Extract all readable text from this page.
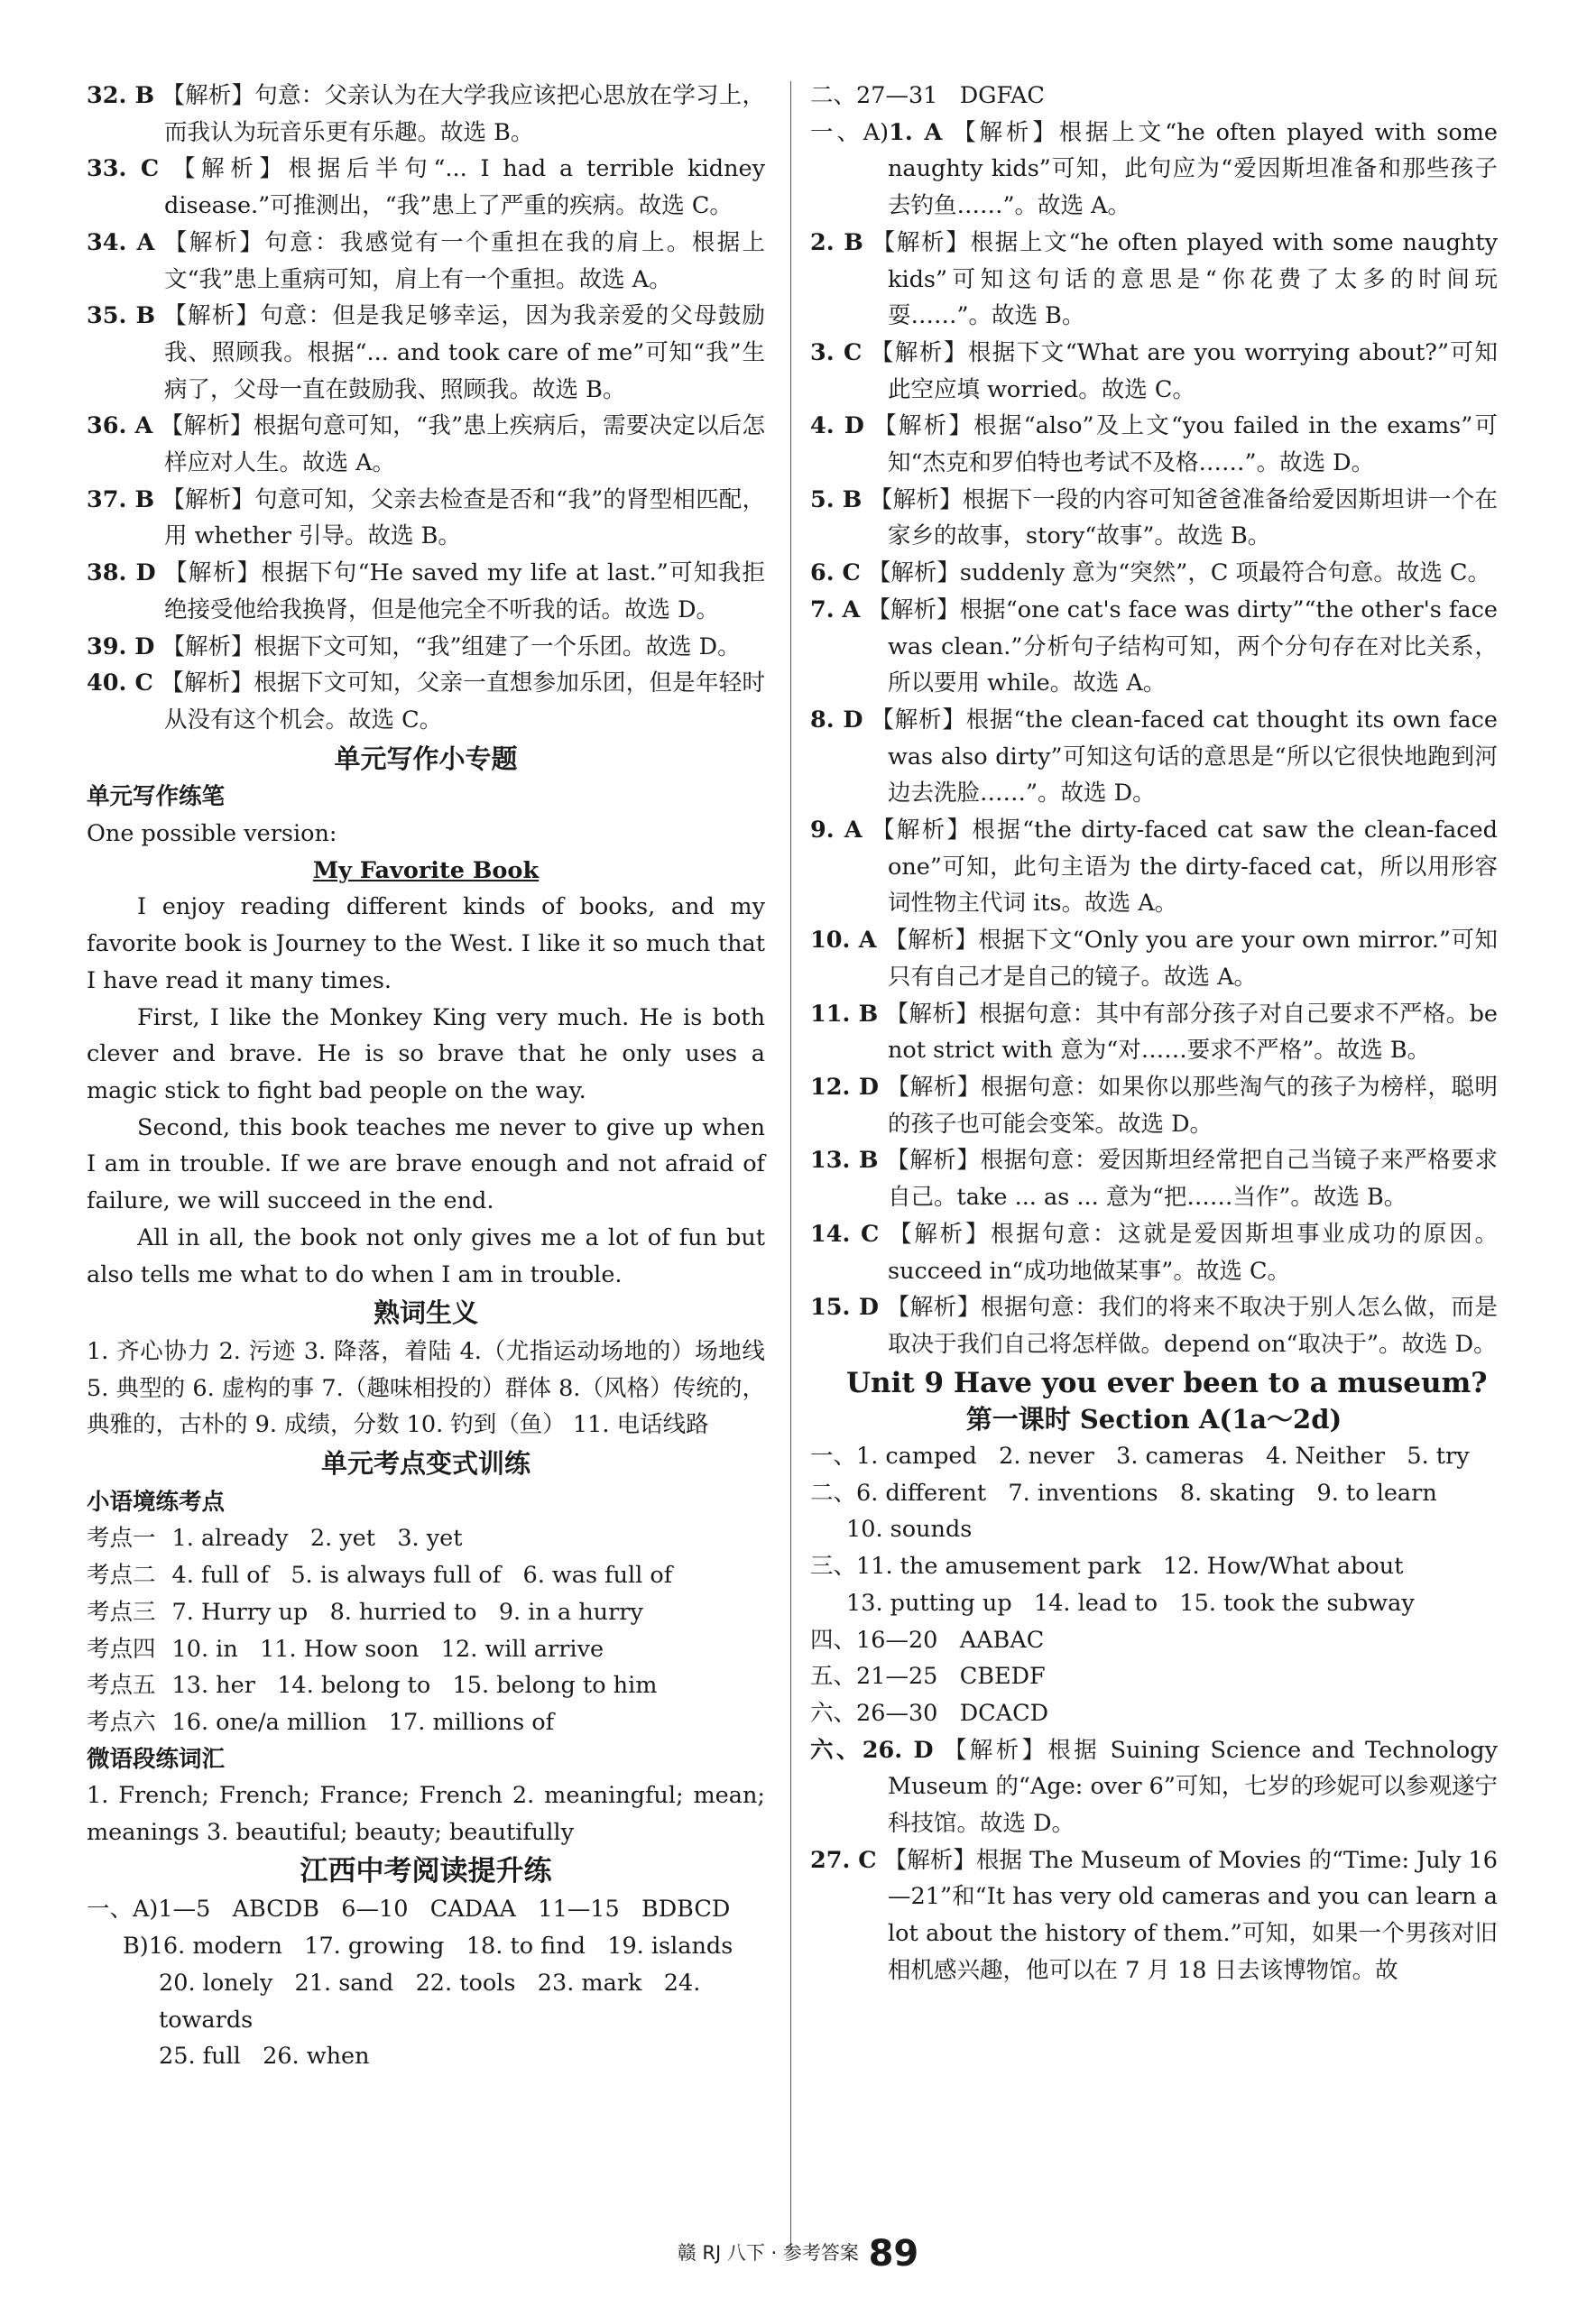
32. B 【解析】句意：父亲认为在大学我应该把心思放在学习上，而我认为玩音乐更有乐趣。故选 B。
33. C 【解析】根据后半句“... I had a terrible kidney disease.”可推测出，“我”患上了严重的疾病。故选 C。
34. A 【解析】句意：我感觉有一个重担在我的肩上。根据上文“我”患上重病可知，肩上有一个重担。故选 A。
35. B 【解析】句意：但是我足够幸运，因为我亲爱的父母鼓励我、照顾我。根据“... and took care of me”可知“我”生病了，父母一直在鼓励我、照顾我。故选 B。
36. A 【解析】根据句意可知，“我”患上疾病后，需要决定以后怎样应对人生。故选 A。
37. B 【解析】句意可知，父亲去检查是否和“我”的肾型相匹配，用 whether 引导。故选 B。
38. D 【解析】根据下句“He saved my life at last.”可知我拒绝接受他给我换肾，但是他完全不听我的话。故选 D。
39. D 【解析】根据下文可知，“我”组建了一个乐团。故选 D。
40. C 【解析】根据下文可知，父亲一直想参加乐团，但是年轻时从没有这个机会。故选 C。
单元写作小专题
单元写作练笔
One possible version:
My Favorite Book
I enjoy reading different kinds of books, and my favorite book is Journey to the West. I like it so much that I have read it many times.
First, I like the Monkey King very much. He is both clever and brave. He is so brave that he only uses a magic stick to fight bad people on the way.
Second, this book teaches me never to give up when I am in trouble. If we are brave enough and not afraid of failure, we will succeed in the end.
All in all, the book not only gives me a lot of fun but also tells me what to do when I am in trouble.
熟词生义
1. 齐心协力 2. 污迹 3. 降落，着陆 4.（尤指运动场地的）场地线 5. 典型的 6. 虚构的事 7.（趣味相投的）群体 8.（风格）传统的，典雅的，古朴的 9. 成绩，分数 10. 钓到（鱼） 11. 电话线路
单元考点变式训练
小语境练考点
考点一 1. already   2. yet   3. yet
考点二 4. full of   5. is always full of   6. was full of
考点三 7. Hurry up   8. hurried to   9. in a hurry
考点四 10. in   11. How soon   12. will arrive
考点五 13. her   14. belong to   15. belong to him
考点六 16. one/a million   17. millions of
微语段练词汇
1. French; French; France; French 2. meaningful; mean; meanings 3. beautiful; beauty; beautifully
江西中考阅读提升练
一、A)1—5   ABCDB   6—10   CADAA   11—15   BDBCD
B)16. modern   17. growing   18. to find   19. islands
20. lonely   21. sand   22. tools   23. mark   24. towards
25. full   26. when
二、27—31   DGFAC
一、A)1. A 【解析】根据上文“he often played with some naughty kids”可知，此句应为“爱因斯坦准备和那些孩子去钓鱼……”。故选 A。
2. B 【解析】根据上文“he often played with some naughty kids”可知这句话的意思是“你花费了太多的时间玩耍……”。故选 B。
3. C 【解析】根据下文“What are you worrying about?”可知此空应填 worried。故选 C。
4. D 【解析】根据“also”及上文“you failed in the exams”可知“杰克和罗伯特也考试不及格……”。故选 D。
5. B 【解析】根据下一段的内容可知爸爸准备给爱因斯坦讲一个在家乡的故事，story“故事”。故选 B。
6. C 【解析】suddenly 意为“突然”，C 项最符合句意。故选 C。
7. A 【解析】根据“one cat's face was dirty”“the other's face was clean.”分析句子结构可知，两个分句存在对比关系，所以要用 while。故选 A。
8. D 【解析】根据“the clean-faced cat thought its own face was also dirty”可知这句话的意思是“所以它很快地跑到河边去洗脸……”。故选 D。
9. A 【解析】根据“the dirty-faced cat saw the clean-faced one”可知，此句主语为 the dirty-faced cat，所以用形容词性物主代词 its。故选 A。
10. A 【解析】根据下文“Only you are your own mirror.”可知只有自己才是自己的镜子。故选 A。
11. B 【解析】根据句意：其中有部分孩子对自己要求不严格。be not strict with 意为“对……要求不严格”。故选 B。
12. D 【解析】根据句意：如果你以那些淘气的孩子为榜样，聪明的孩子也可能会变笨。故选 D。
13. B 【解析】根据句意：爱因斯坦经常把自己当镜子来严格要求自己。take ... as ... 意为“把……当作”。故选 B。
14. C 【解析】根据句意：这就是爱因斯坦事业成功的原因。succeed in“成功地做某事”。故选 C。
15. D 【解析】根据句意：我们的将来不取决于别人怎么做，而是取决于我们自己将怎样做。depend on“取决于”。故选 D。
Unit 9 Have you ever been to a museum?
第一课时 Section A(1a～2d)
一、1. camped   2. never   3. cameras   4. Neither   5. try
二、6. different   7. inventions   8. skating   9. to learn
10. sounds
三、11. the amusement park   12. How/What about
13. putting up   14. lead to   15. took the subway
四、16—20   AABAC
五、21—25   CBEDF
六、26—30   DCACD
六、26. D 【解析】根据 Suining Science and Technology Museum 的“Age: over 6”可知，七岁的珍妮可以参观遂宁科技馆。故选 D。
27. C 【解析】根据 The Museum of Movies 的“Time: July 16—21”和“It has very old cameras and you can learn a lot about the history of them.”可知，如果一个男孩对旧相机感兴趣，他可以在 7 月 18 日去该博物馆。故
赣 RJ 八下 · 参考答案 89
